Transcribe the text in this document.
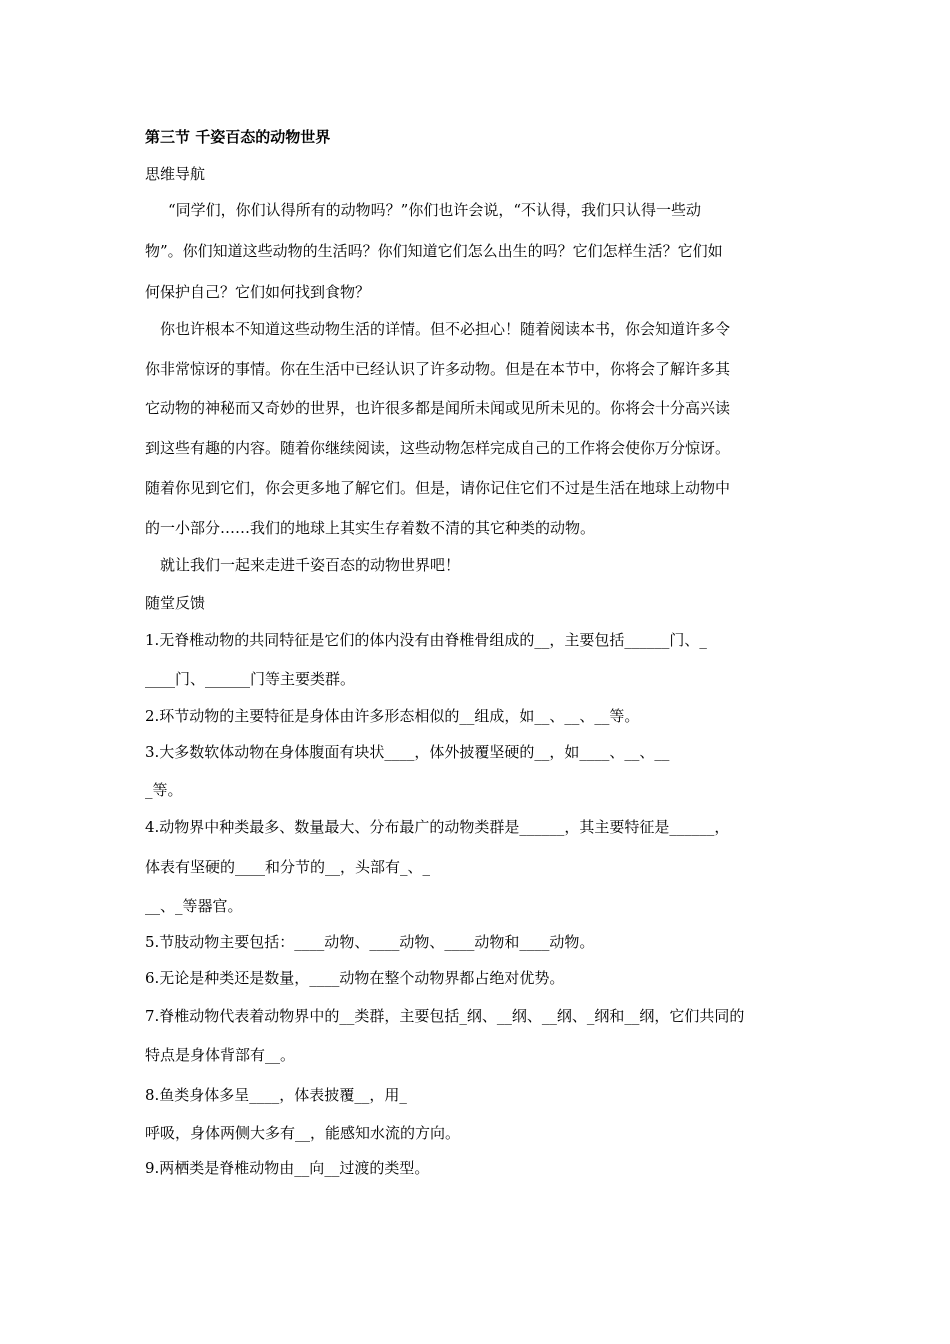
第三节 千姿百态的动物世界
思维导航
“同学们，你们认得所有的动物吗？”你们也许会说，“不认得，我们只认得一些动
物”。你们知道这些动物的生活吗？你们知道它们怎么出生的吗？它们怎样生活？它们如
何保护自己？它们如何找到食物？
你也许根本不知道这些动物生活的详情。但不必担心！随着阅读本书，你会知道许多令
你非常惊讶的事情。你在生活中已经认识了许多动物。但是在本节中，你将会了解许多其
它动物的神秘而又奇妙的世界，也许很多都是闻所未闻或见所未见的。你将会十分高兴读
到这些有趣的内容。随着你继续阅读，这些动物怎样完成自己的工作将会使你万分惊讶。
随着你见到它们，你会更多地了解它们。但是，请你记住它们不过是生活在地球上动物中
的一小部分……我们的地球上其实生存着数不清的其它种类的动物。
就让我们一起来走进千姿百态的动物世界吧！
随堂反馈
1.无脊椎动物的共同特征是它们的体内没有由脊椎骨组成的__，主要包括______门、_
____门、______门等主要类群。
2.环节动物的主要特征是身体由许多形态相似的__组成，如__、__、__等。
3.大多数软体动物在身体腹面有块状____，体外披覆坚硬的__，如____、__、__
_等。
4.动物界中种类最多、数量最大、分布最广的动物类群是______，其主要特征是______，
体表有坚硬的____和分节的__，头部有_、_
__、_等器官。
5.节肢动物主要包括：____动物、____动物、____动物和____动物。
6.无论是种类还是数量，____动物在整个动物界都占绝对优势。
7.脊椎动物代表着动物界中的__类群，主要包括_纲、__纲、__纲、_纲和__纲，它们共同的
特点是身体背部有__。
8.鱼类身体多呈____，体表披覆__，用_
呼吸，身体两侧大多有__，能感知水流的方向。
9.两栖类是脊椎动物由__向__过渡的类型。
